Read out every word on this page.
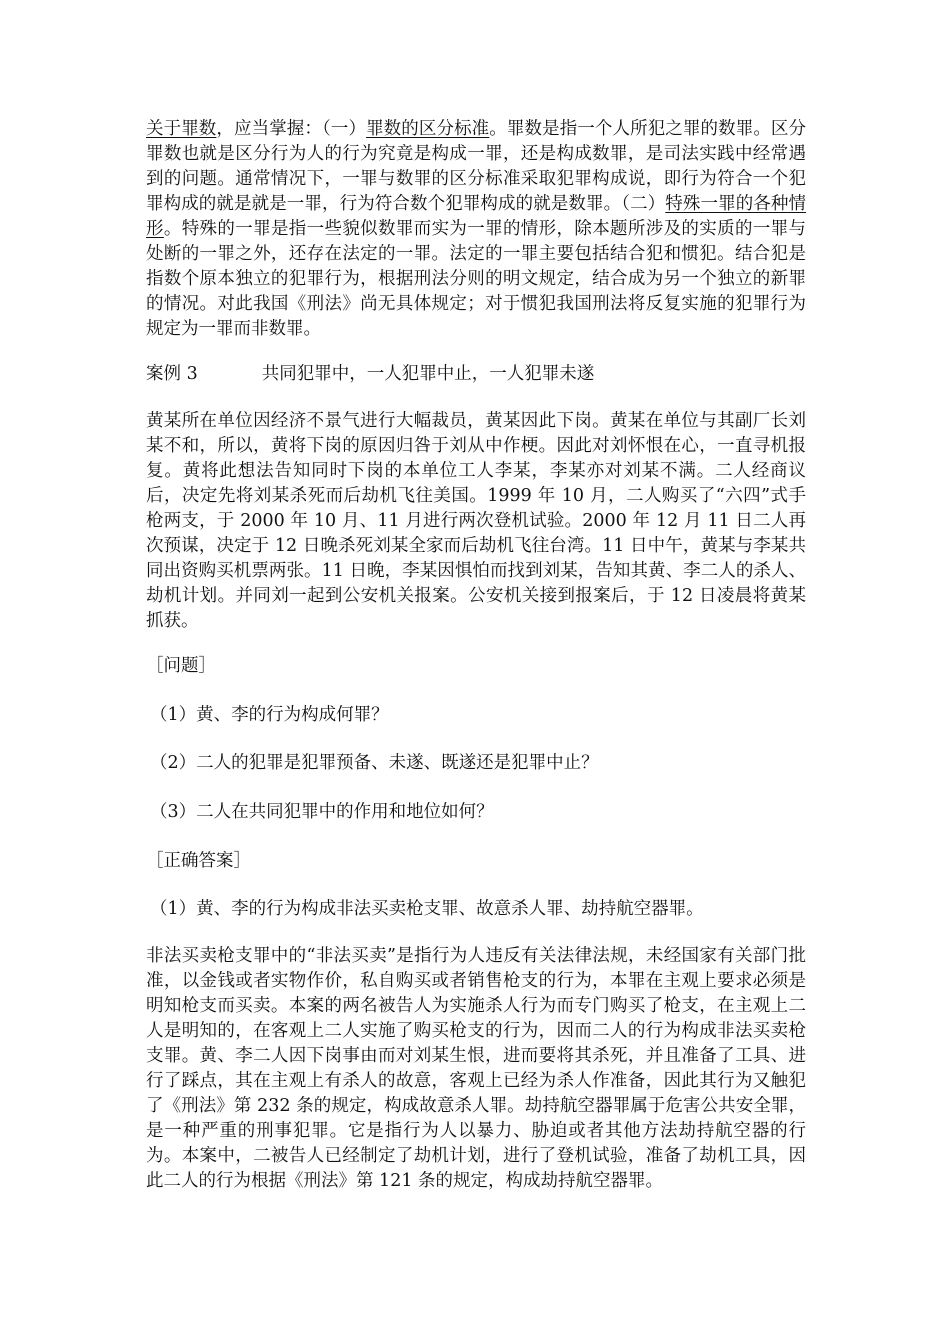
关于罪数，应当掌握：（一）罪数的区分标准。罪数是指一个人所犯之罪的数罪。区分罪数也就是区分行为人的行为究竟是构成一罪，还是构成数罪，是司法实践中经常遇到的问题。通常情况下，一罪与数罪的区分标准采取犯罪构成说，即行为符合一个犯罪构成的就是就是一罪，行为符合数个犯罪构成的就是数罪。（二）特殊一罪的各种情形。特殊的一罪是指一些貌似数罪而实为一罪的情形，除本题所涉及的实质的一罪与处断的一罪之外，还存在法定的一罪。法定的一罪主要包括结合犯和惯犯。结合犯是指数个原本独立的犯罪行为，根据刑法分则的明文规定，结合成为另一个独立的新罪的情况。对此我国《刑法》尚无具体规定；对于惯犯我国刑法将反复实施的犯罪行为规定为一罪而非数罪。

案例 3	共同犯罪中，一人犯罪中止，一人犯罪未遂

黄某所在单位因经济不景气进行大幅裁员，黄某因此下岗。黄某在单位与其副厂长刘某不和，所以，黄将下岗的原因归咎于刘从中作梗。因此对刘怀恨在心，一直寻机报复。黄将此想法告知同时下岗的本单位工人李某，李某亦对刘某不满。二人经商议后，决定先将刘某杀死而后劫机飞往美国。1999 年 10 月，二人购买了“六四”式手枪两支，于 2000 年 10 月、11 月进行两次登机试验。2000 年 12 月 11 日二人再次预谋，决定于 12 日晚杀死刘某全家而后劫机飞往台湾。11 日中午，黄某与李某共同出资购买机票两张。11 日晚，李某因惧怕而找到刘某，告知其黄、李二人的杀人、劫机计划。并同刘一起到公安机关报案。公安机关接到报案后，于 12 日凌晨将黄某抓获。

［问题］

（1）黄、李的行为构成何罪？

（2）二人的犯罪是犯罪预备、未遂、既遂还是犯罪中止？

（3）二人在共同犯罪中的作用和地位如何？

［正确答案］

（1）黄、李的行为构成非法买卖枪支罪、故意杀人罪、劫持航空器罪。

非法买卖枪支罪中的“非法买卖”是指行为人违反有关法律法规，未经国家有关部门批准，以金钱或者实物作价，私自购买或者销售枪支的行为，本罪在主观上要求必须是明知枪支而买卖。本案的两名被告人为实施杀人行为而专门购买了枪支，在主观上二人是明知的，在客观上二人实施了购买枪支的行为，因而二人的行为构成非法买卖枪支罪。黄、李二人因下岗事由而对刘某生恨，进而要将其杀死，并且准备了工具、进行了踩点，其在主观上有杀人的故意，客观上已经为杀人作准备，因此其行为又触犯了《刑法》第 232 条的规定，构成故意杀人罪。劫持航空器罪属于危害公共安全罪，是一种严重的刑事犯罪。它是指行为人以暴力、胁迫或者其他方法劫持航空器的行为。本案中，二被告人已经制定了劫机计划，进行了登机试验，准备了劫机工具，因此二人的行为根据《刑法》第 121 条的规定，构成劫持航空器罪。
